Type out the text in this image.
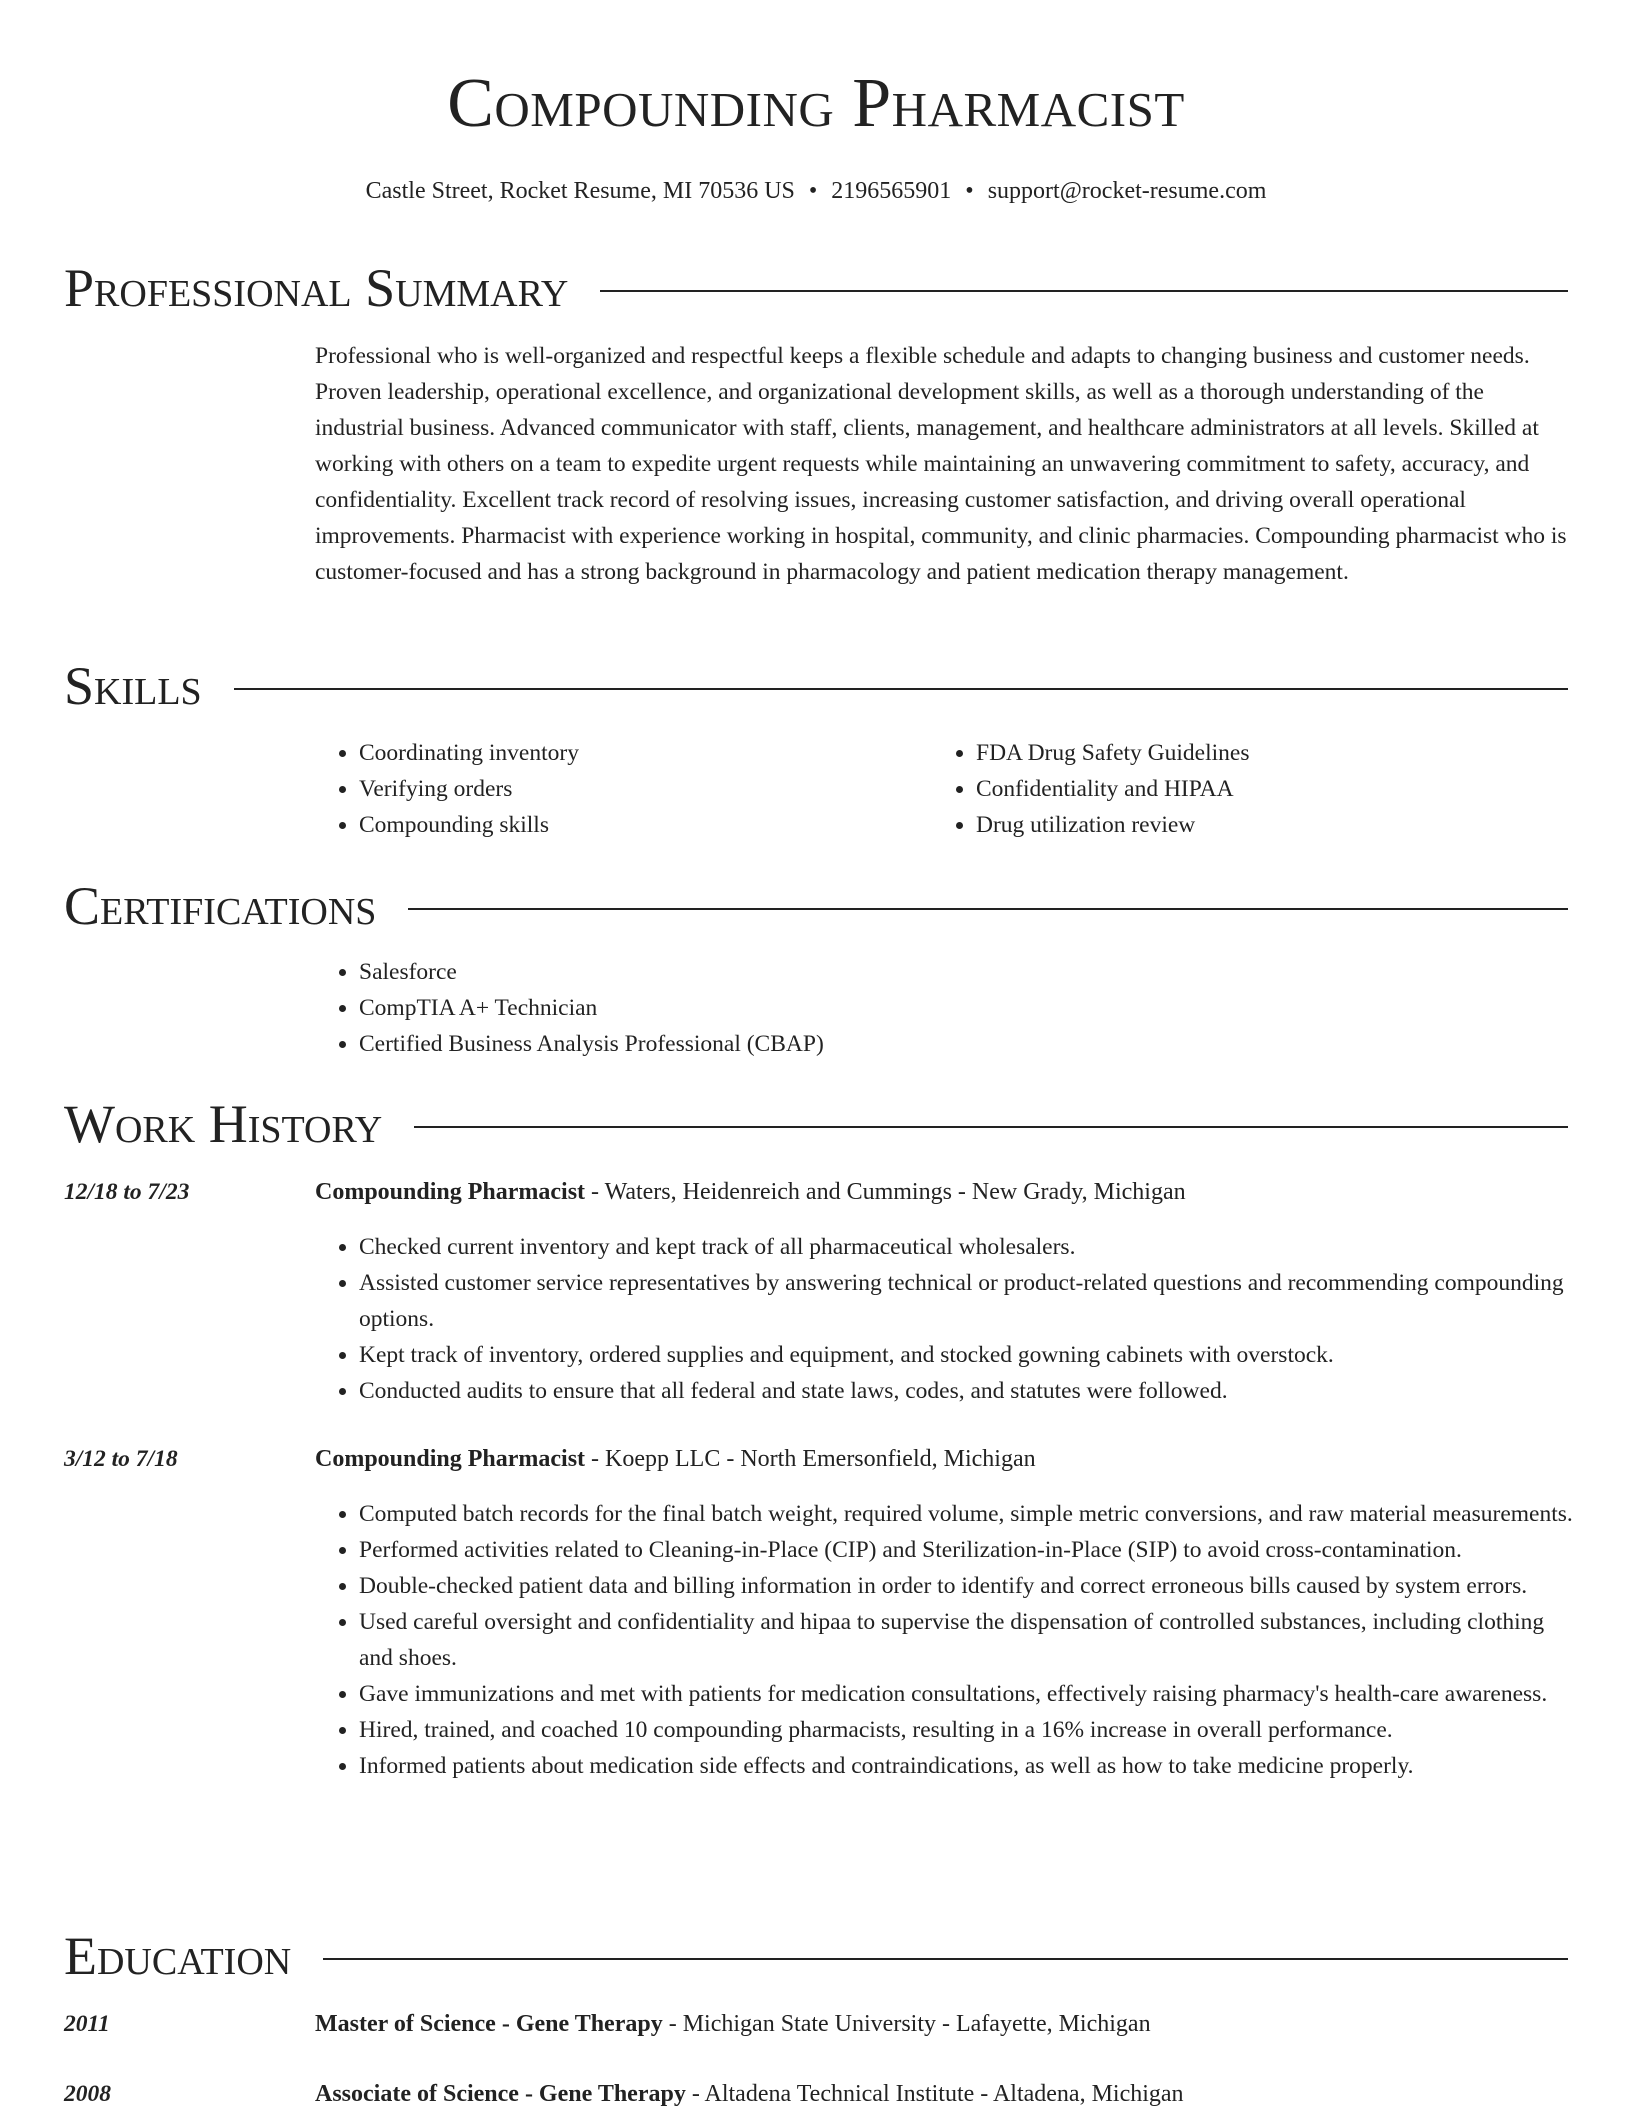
Compounding Pharmacist
Castle Street, Rocket Resume, MI 70536 US • 2196565901 • support@rocket-resume.com
Professional Summary

Professional who is well-organized and respectful keeps a flexible schedule and adapts to changing business and customer needs. Proven leadership, operational excellence, and organizational development skills, as well as a thorough understanding of the industrial business. Advanced communicator with staff, clients, management, and healthcare administrators at all levels. Skilled at working with others on a team to expedite urgent requests while maintaining an unwavering commitment to safety, accuracy, and confidentiality. Excellent track record of resolving issues, increasing customer satisfaction, and driving overall operational improvements. Pharmacist with experience working in hospital, community, and clinic pharmacies. Compounding pharmacist who is customer-focused and has a strong background in pharmacology and patient medication therapy management.

Skills
• Coordinating inventory
• Verifying orders
• Compounding skills
• FDA Drug Safety Guidelines
• Confidentiality and HIPAA
• Drug utilization review
Certifications
• Salesforce
• CompTIA A+ Technician
• Certified Business Analysis Professional (CBAP)
Work History
12/18 to 7/23	Compounding Pharmacist - Waters, Heidenreich and Cummings - New Grady, Michigan
• Checked current inventory and kept track of all pharmaceutical wholesalers.
• Assisted customer service representatives by answering technical or product-related questions and recommending compounding options.
• Kept track of inventory, ordered supplies and equipment, and stocked gowning cabinets with overstock.
• Conducted audits to ensure that all federal and state laws, codes, and statutes were followed.
3/12 to 7/18	Compounding Pharmacist - Koepp LLC - North Emersonfield, Michigan
• Computed batch records for the final batch weight, required volume, simple metric conversions, and raw material measurements.
• Performed activities related to Cleaning-in-Place (CIP) and Sterilization-in-Place (SIP) to avoid cross-contamination.
• Double-checked patient data and billing information in order to identify and correct erroneous bills caused by system errors.
• Used careful oversight and confidentiality and hipaa to supervise the dispensation of controlled substances, including clothing and shoes.
• Gave immunizations and met with patients for medication consultations, effectively raising pharmacy's health-care awareness.
• Hired, trained, and coached 10 compounding pharmacists, resulting in a 16% increase in overall performance.
• Informed patients about medication side effects and contraindications, as well as how to take medicine properly.
Education
2011	Master of Science - Gene Therapy - Michigan State University - Lafayette, Michigan
2008	Associate of Science - Gene Therapy - Altadena Technical Institute - Altadena, Michigan
